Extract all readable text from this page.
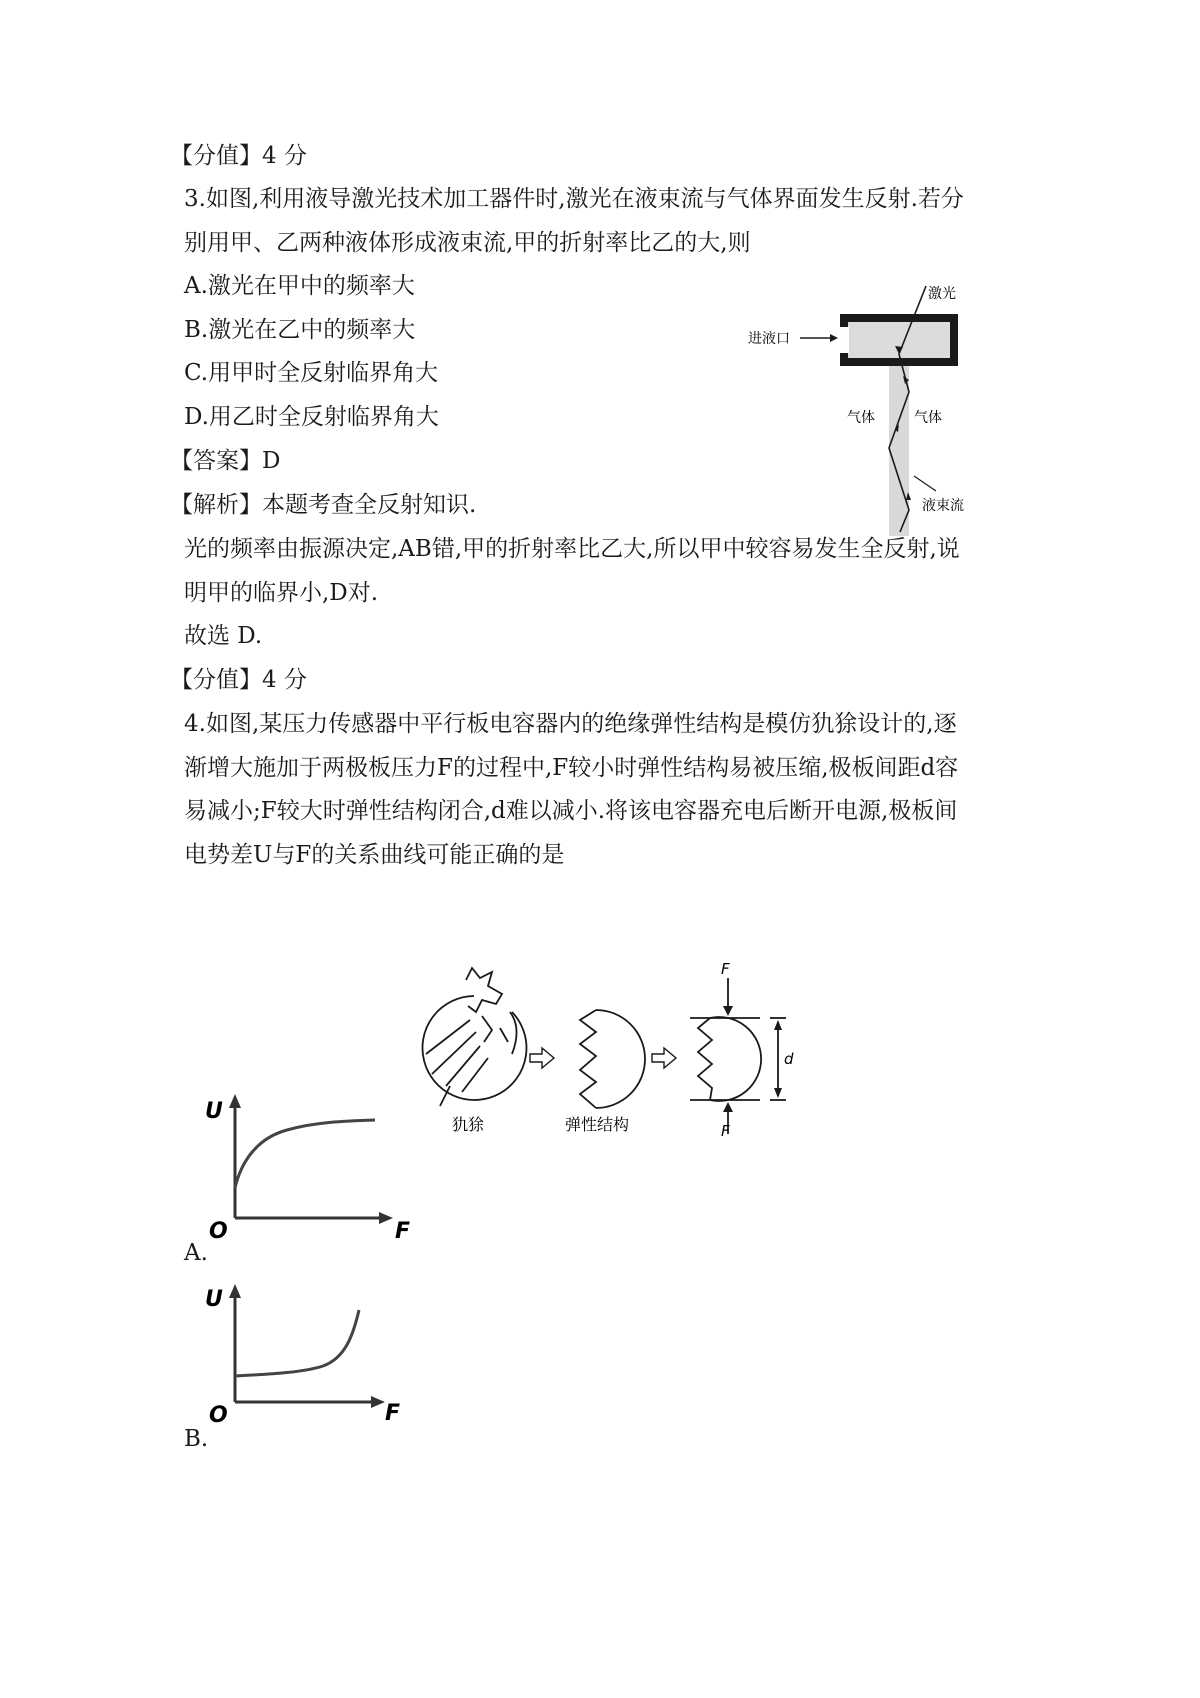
【分值】4 分
3.如图,利用液导激光技术加工器件时,激光在液束流与气体界面发生反射.若分
别用甲、乙两种液体形成液束流,甲的折射率比乙的大,则
A.激光在甲中的频率大
B.激光在乙中的频率大
C.用甲时全反射临界角大
D.用乙时全反射临界角大
【答案】D
【解析】本题考查全反射知识.
光的频率由振源决定,AB错,甲的折射率比乙大,所以甲中较容易发生全反射,说
明甲的临界小,D对.
故选 D.
【分值】4 分
激光
进液口
气体	气体
液束流
4.如图,某压力传感器中平行板电容器内的绝缘弹性结构是模仿犰狳设计的,逐
渐增大施加于两极板压力F的过程中,F较小时弹性结构易被压缩,极板间距d容
易减小;F较大时弹性结构闭合,d难以减小.将该电容器充电后断开电源,极板间
电势差U与F的关系曲线可能正确的是
犰狳	弹性结构
F
F
d
U
O	F
A.
U
O	F
B.
